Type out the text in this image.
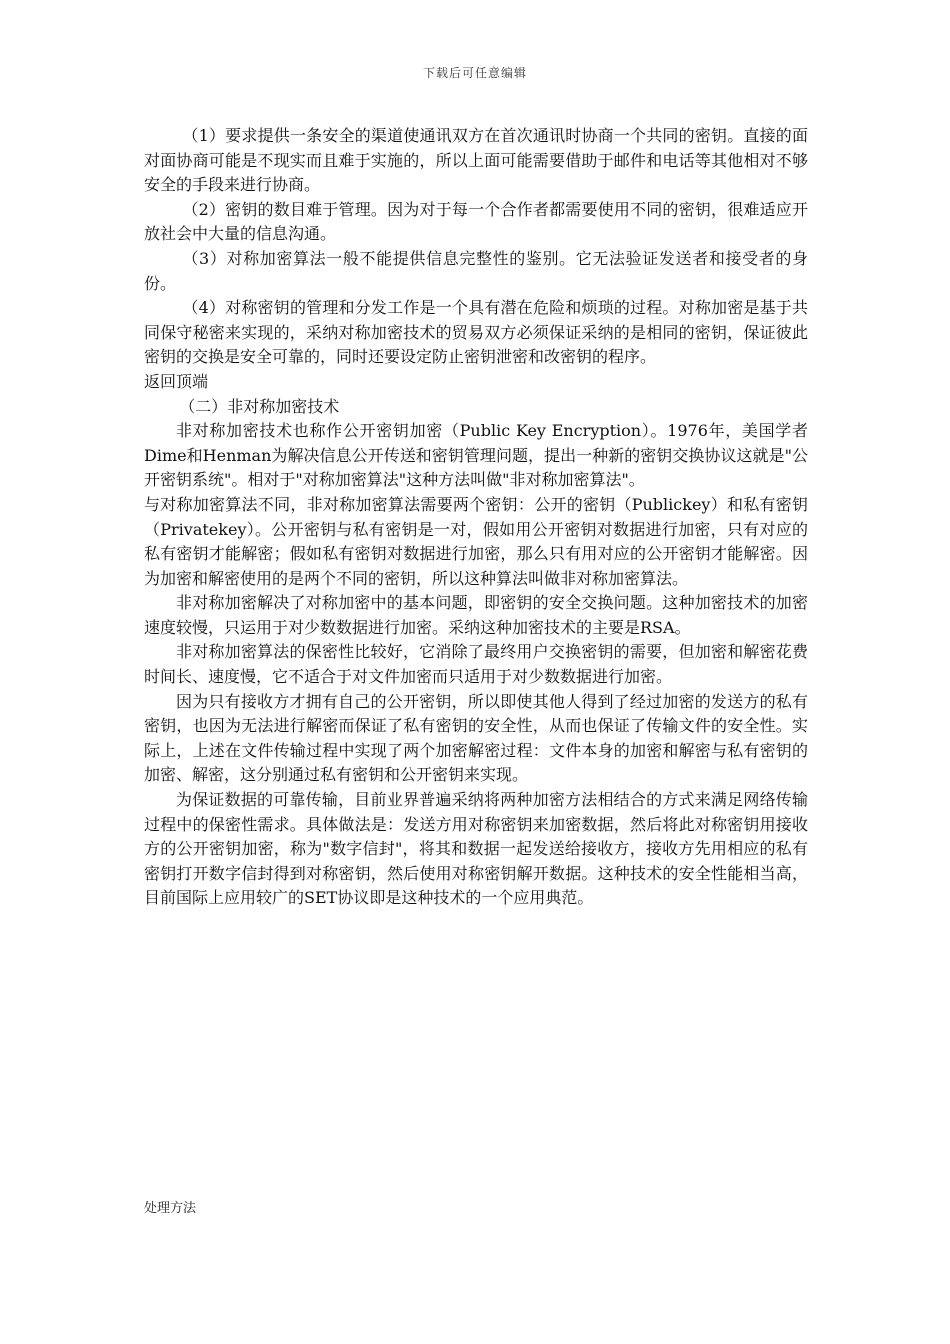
下载后可任意编辑

（1）要求提供一条安全的渠道使通讯双方在首次通讯时协商一个共同的密钥。直接的面对面协商可能是不现实而且难于实施的，所以上面可能需要借助于邮件和电话等其他相对不够安全的手段来进行协商。

（2）密钥的数目难于管理。因为对于每一个合作者都需要使用不同的密钥，很难适应开放社会中大量的信息沟通。

（3）对称加密算法一般不能提供信息完整性的鉴别。它无法验证发送者和接受者的身份。

（4）对称密钥的管理和分发工作是一个具有潜在危险和烦琐的过程。对称加密是基于共同保守秘密来实现的，采纳对称加密技术的贸易双方必须保证采纳的是相同的密钥，保证彼此密钥的交换是安全可靠的，同时还要设定防止密钥泄密和改密钥的程序。

返回顶端

（二）非对称加密技术

非对称加密技术也称作公开密钥加密（Public Key Encryption）。1976年，美国学者Dime和Henman为解决信息公开传送和密钥管理问题，提出一种新的密钥交换协议这就是"公开密钥系统"。相对于"对称加密算法"这种方法叫做"非对称加密算法"。

与对称加密算法不同，非对称加密算法需要两个密钥：公开的密钥（Publickey）和私有密钥（Privatekey）。公开密钥与私有密钥是一对，假如用公开密钥对数据进行加密，只有对应的私有密钥才能解密；假如私有密钥对数据进行加密，那么只有用对应的公开密钥才能解密。因为加密和解密使用的是两个不同的密钥，所以这种算法叫做非对称加密算法。

非对称加密解决了对称加密中的基本问题，即密钥的安全交换问题。这种加密技术的加密速度较慢，只运用于对少数数据进行加密。采纳这种加密技术的主要是RSA。

非对称加密算法的保密性比较好，它消除了最终用户交换密钥的需要，但加密和解密花费时间长、速度慢，它不适合于对文件加密而只适用于对少数数据进行加密。

因为只有接收方才拥有自己的公开密钥，所以即使其他人得到了经过加密的发送方的私有密钥，也因为无法进行解密而保证了私有密钥的安全性，从而也保证了传输文件的安全性。实际上，上述在文件传输过程中实现了两个加密解密过程：文件本身的加密和解密与私有密钥的加密、解密，这分别通过私有密钥和公开密钥来实现。

为保证数据的可靠传输，目前业界普遍采纳将两种加密方法相结合的方式来满足网络传输过程中的保密性需求。具体做法是：发送方用对称密钥来加密数据，然后将此对称密钥用接收方的公开密钥加密，称为"数字信封"，将其和数据一起发送给接收方，接收方先用相应的私有密钥打开数字信封得到对称密钥，然后使用对称密钥解开数据。这种技术的安全性能相当高，目前国际上应用较广的SET协议即是这种技术的一个应用典范。

处理方法
